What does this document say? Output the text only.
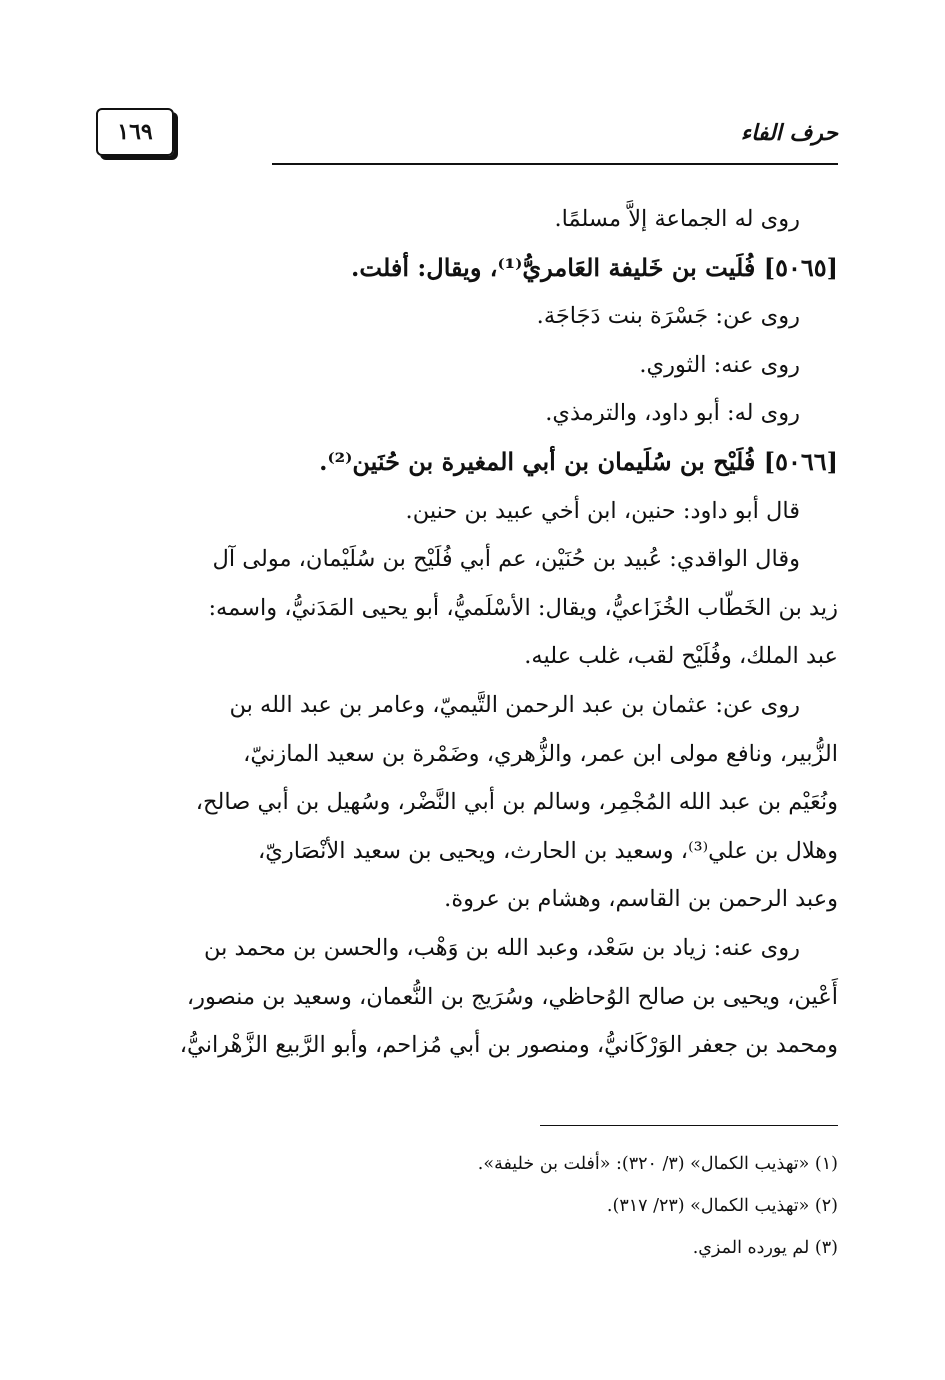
١٦٩	حرف الفاء

روى له الجماعة إلاَّ مسلمًا.

[٥٠٦٥] فُلَيت بن خَليفة العَامريُّ⁽¹⁾، ويقال: أفلت.

روى عن: جَسْرَة بنت دَجَاجَة.

روى عنه: الثوري.

روى له: أبو داود، والترمذي.

[٥٠٦٦] فُلَيْح بن سُلَيمان بن أبي المغيرة بن حُنَين⁽²⁾.

قال أبو داود: حنين، ابن أخي عبيد بن حنين.

وقال الواقدي: عُبيد بن حُنَيْن، عم أبي فُلَيْح بن سُلَيْمان، مولى آل

زيد بن الخَطّاب الخُزَاعيُّ، ويقال: الأسْلَميُّ، أبو يحيى المَدَنيُّ، واسمه:

عبد الملك، وفُلَيْح لقب، غلب عليه.

روى عن: عثمان بن عبد الرحمن التَّيميّ، وعامر بن عبد الله بن

الزُّبير، ونافع مولى ابن عمر، والزُّهري، وضَمْرة بن سعيد المازنيّ،

ونُعَيْم بن عبد الله المُجْمِر، وسالم بن أبي النَّضْر، وسُهيل بن أبي صالح،

وهلال بن علي⁽³⁾، وسعيد بن الحارث، ويحيى بن سعيد الأنْصَاريّ،

وعبد الرحمن بن القاسم، وهشام بن عروة.

روى عنه: زياد بن سَعْد، وعبد الله بن وَهْب، والحسن بن محمد بن

أَعْين، ويحيى بن صالح الوُحاظي، وسُرَيج بن النُّعمان، وسعيد بن منصور،

ومحمد بن جعفر الوَرْكَانيُّ، ومنصور بن أبي مُزاحم، وأبو الرَّبيع الزَّهْرانيُّ،

(١) «تهذيب الكمال» (٣/ ٣٢٠): «أفلت بن خليفة».

(٢) «تهذيب الكمال» (٢٣/ ٣١٧).

(٣) لم يورده المزي.
